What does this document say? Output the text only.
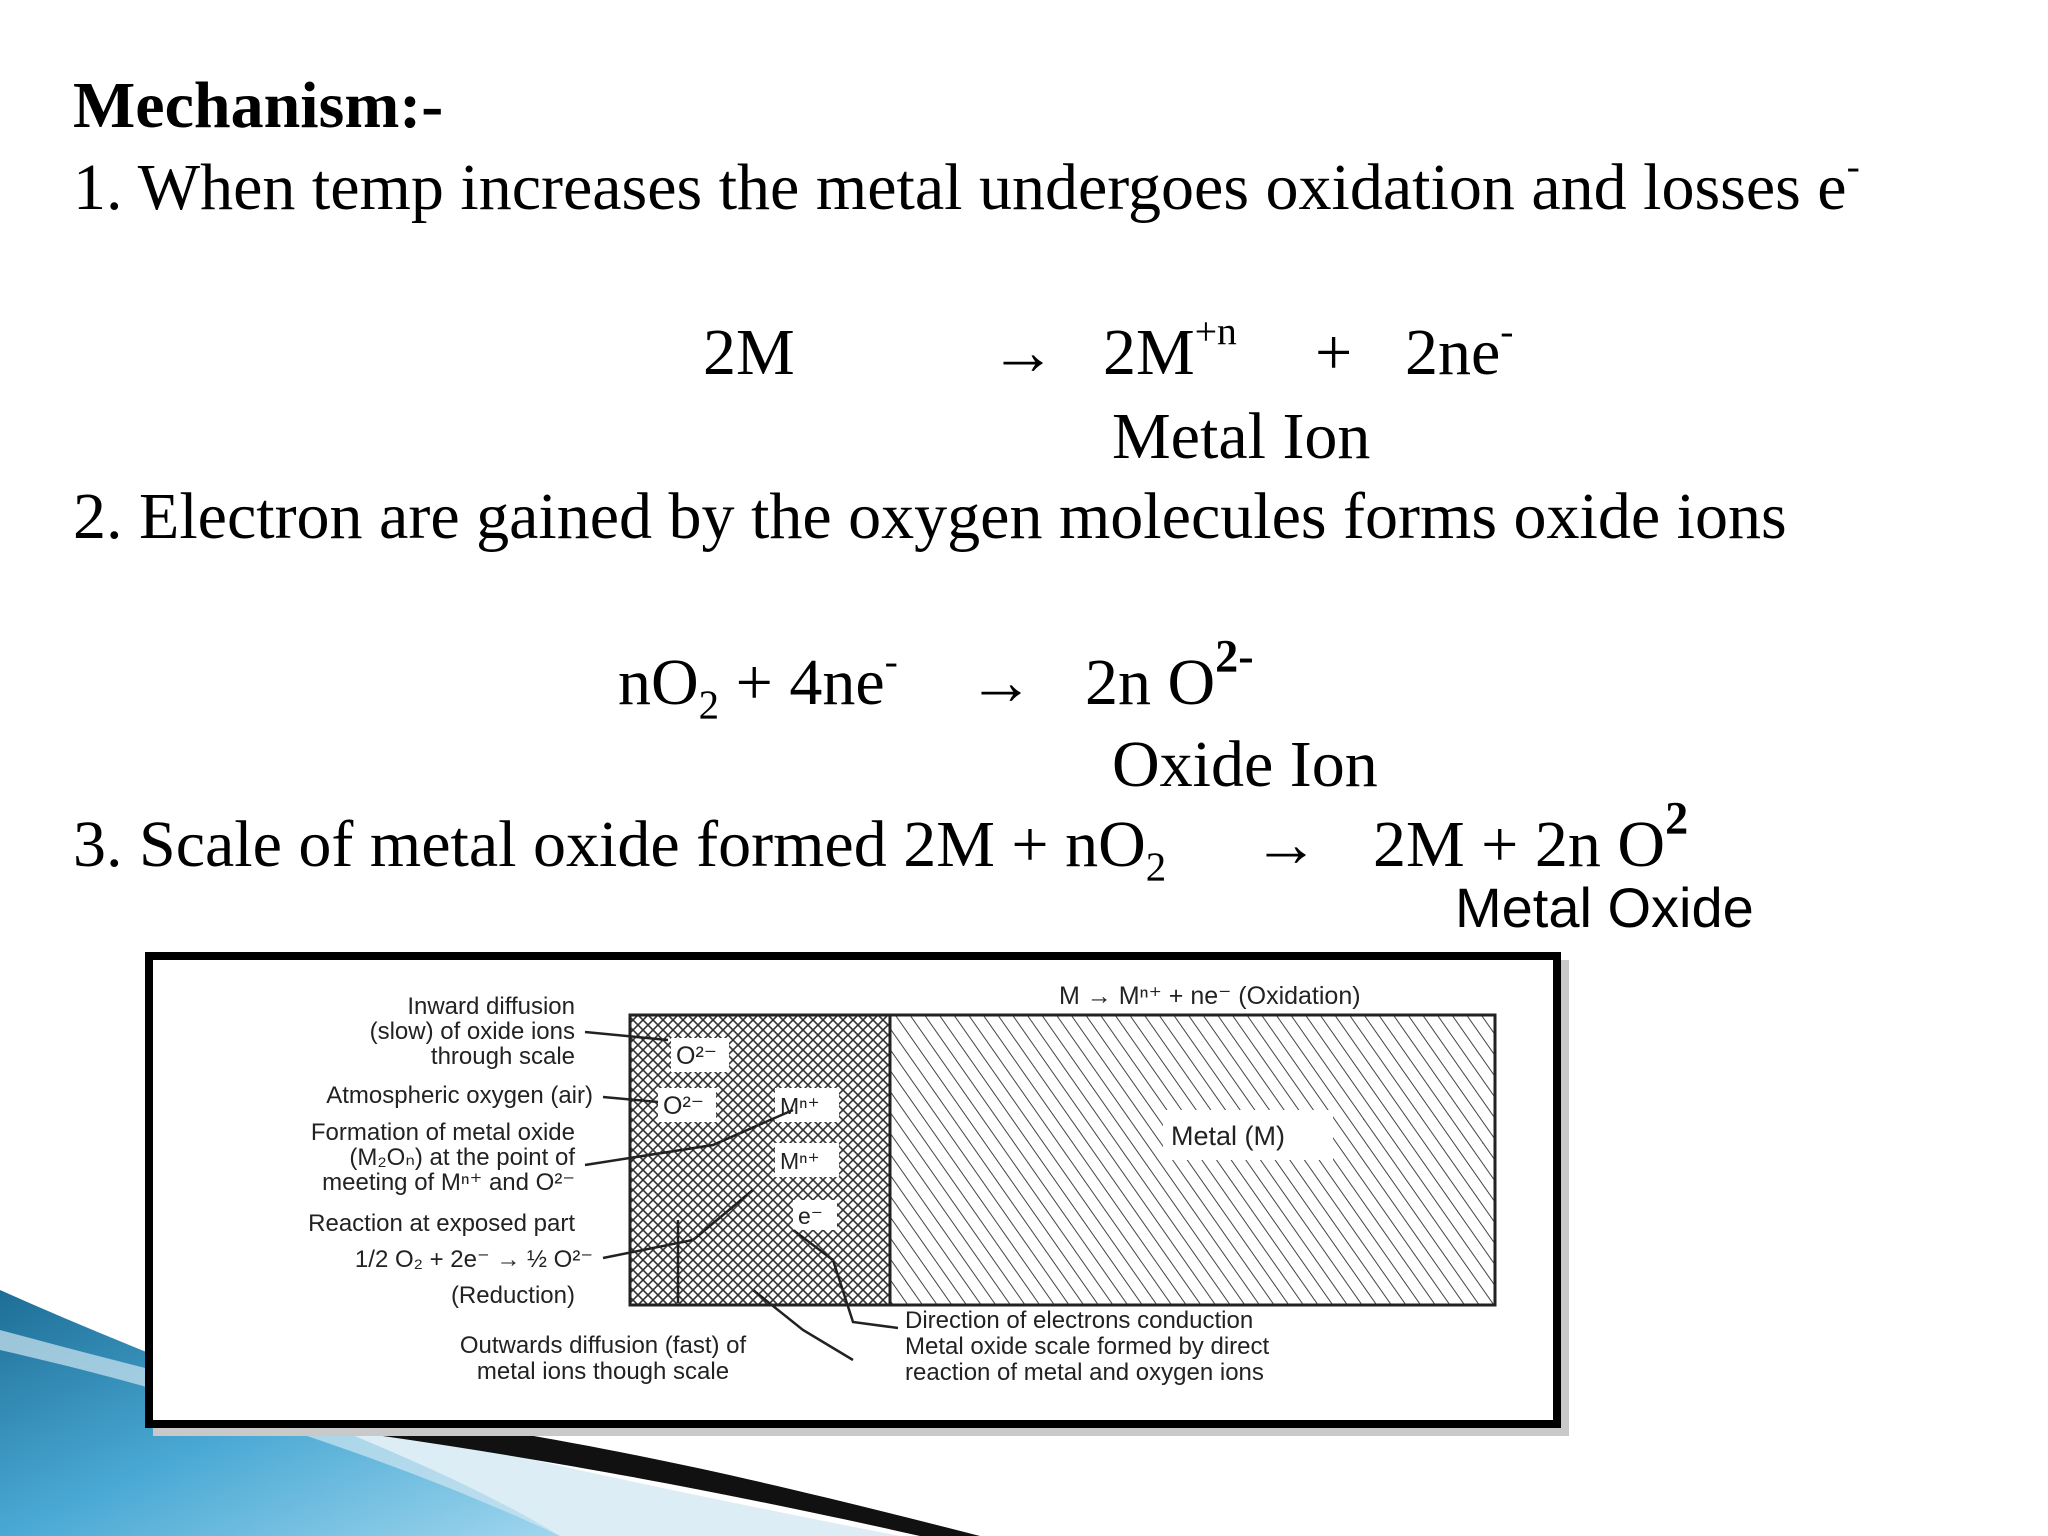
Mechanism:-
1. When temp increases the metal undergoes oxidation and losses e-
2M	→ $2M^{+n} + 2ne^-$
Metal Ion
2. Electron are gained by the oxygen molecules forms oxide ions
$nO_2 + 4ne^- \to 2n$ $O^{2-}$
Oxide Ion
3. Scale of metal oxide formed $2M + nO_2 \to 2M + 2n$ $O^2$
Metal Oxide
O²⁻
O²⁻	Mⁿ⁺
Mⁿ⁺
e⁻
M → Mⁿ⁺ + ne⁻ (Oxidation)
Metal (M)
Inward diffusion
(slow) of oxide ions
through scale
Atmospheric oxygen (air)
Formation of metal oxide
(M₂Oₙ) at the point of
meeting of Mⁿ⁺ and O²⁻
Reaction at exposed part
1/2 O₂ + 2e⁻ → ½ O²⁻
(Reduction)
Outwards diffusion (fast) of
metal ions though scale
Direction of electrons conduction
Metal oxide scale formed by direct
reaction of metal and oxygen ions
